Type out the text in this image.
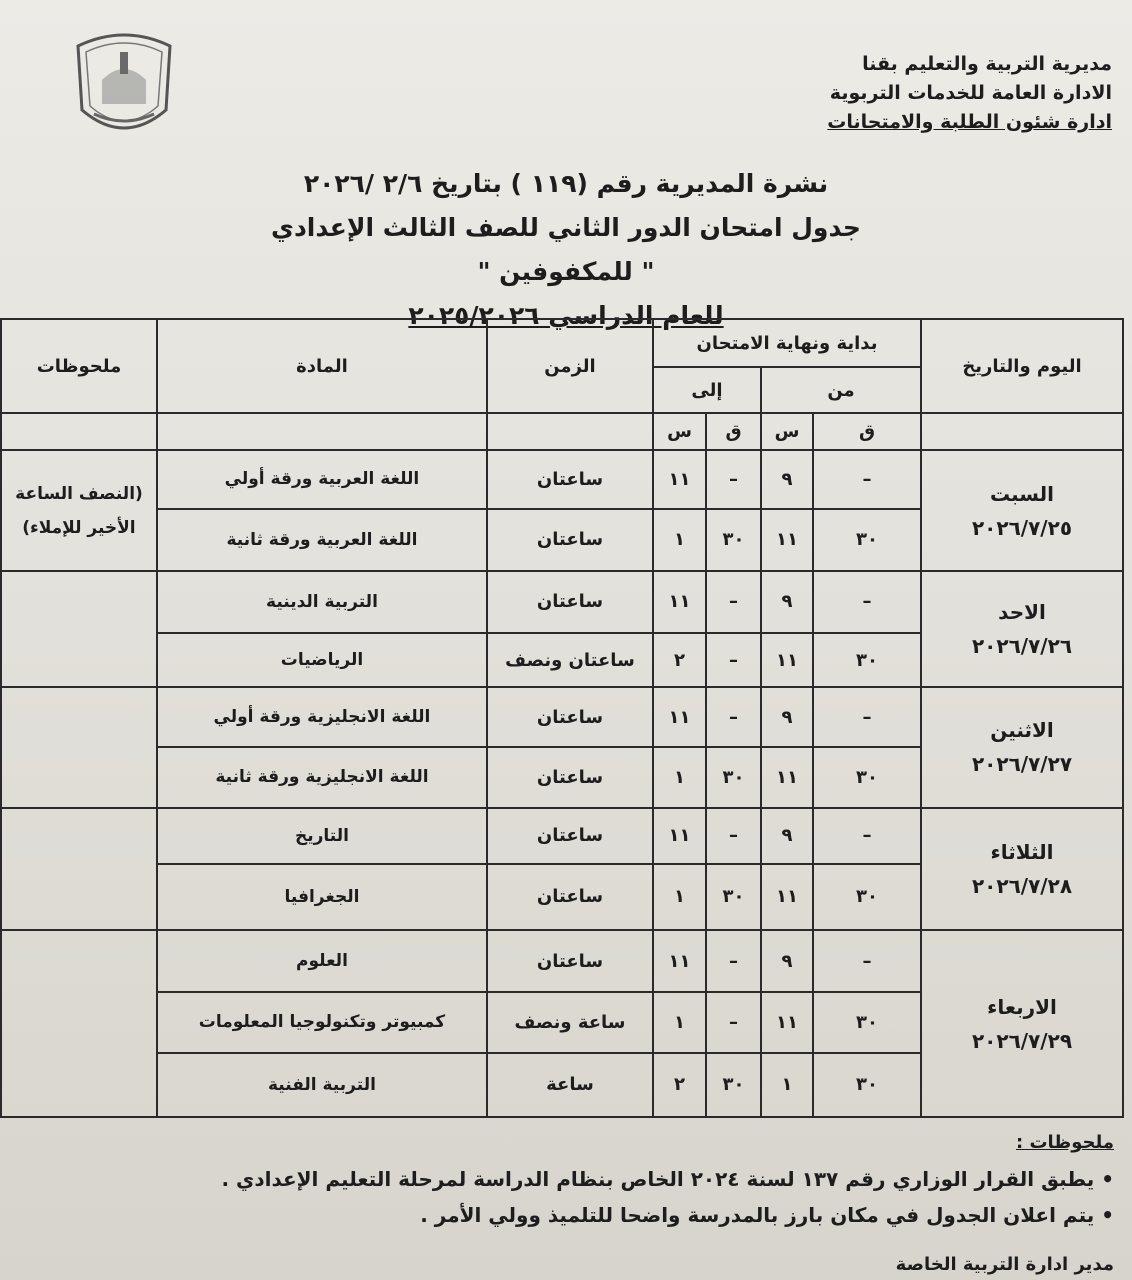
مديرية التربية والتعليم بقنا
الادارة العامة للخدمات التربوية
ادارة شئون الطلبة والامتحانات
نشرة المديرية رقم (١١٩ ) بتاريخ ٢/٦ /٢٠٢٦
جدول امتحان الدور الثاني للصف الثالث الإعدادي
" للمكفوفين "
للعام الدراسي ٢٠٢٥/٢٠٢٦
اليوم والتاريخ	بداية ونهاية الامتحان				الزمن	المادة	ملحوظات
	من		إلى				
	ق	س	ق	س			

السبت
٢٠٢٦/٧/٢٥	–	٩	–	١١	ساعتان	اللغة العربية ورقة أولي	(النصف الساعة الأخير للإملاء)
	٣٠	١١	٣٠	١	ساعتان	اللغة العربية ورقة ثانية	

الاحد
٢٠٢٦/٧/٢٦	–	٩	–	١١	ساعتان	التربية الدينية	
	٣٠	١١	–	٢	ساعتان ونصف	الرياضيات	

الاثنين
٢٠٢٦/٧/٢٧	–	٩	–	١١	ساعتان	اللغة الانجليزية ورقة أولي	
	٣٠	١١	٣٠	١	ساعتان	اللغة الانجليزية ورقة ثانية	

الثلاثاء
٢٠٢٦/٧/٢٨	–	٩	–	١١	ساعتان	التاريخ	
	٣٠	١١	٣٠	١	ساعتان	الجغرافيا	

الاربعاء
٢٠٢٦/٧/٢٩	–	٩	–	١١	ساعتان	العلوم	
	٣٠	١١	–	١	ساعة ونصف	كمبيوتر وتكنولوجيا المعلومات	
	٣٠	١	٣٠	٢	ساعة	التربية الفنية	
ملحوظات :
• يطبق القرار الوزاري رقم ١٣٧ لسنة ٢٠٢٤ الخاص بنظام الدراسة لمرحلة التعليم الإعدادي .
• يتم اعلان الجدول في مكان بارز بالمدرسة واضحا للتلميذ وولي الأمر .
مدير ادارة التربية الخاصة
